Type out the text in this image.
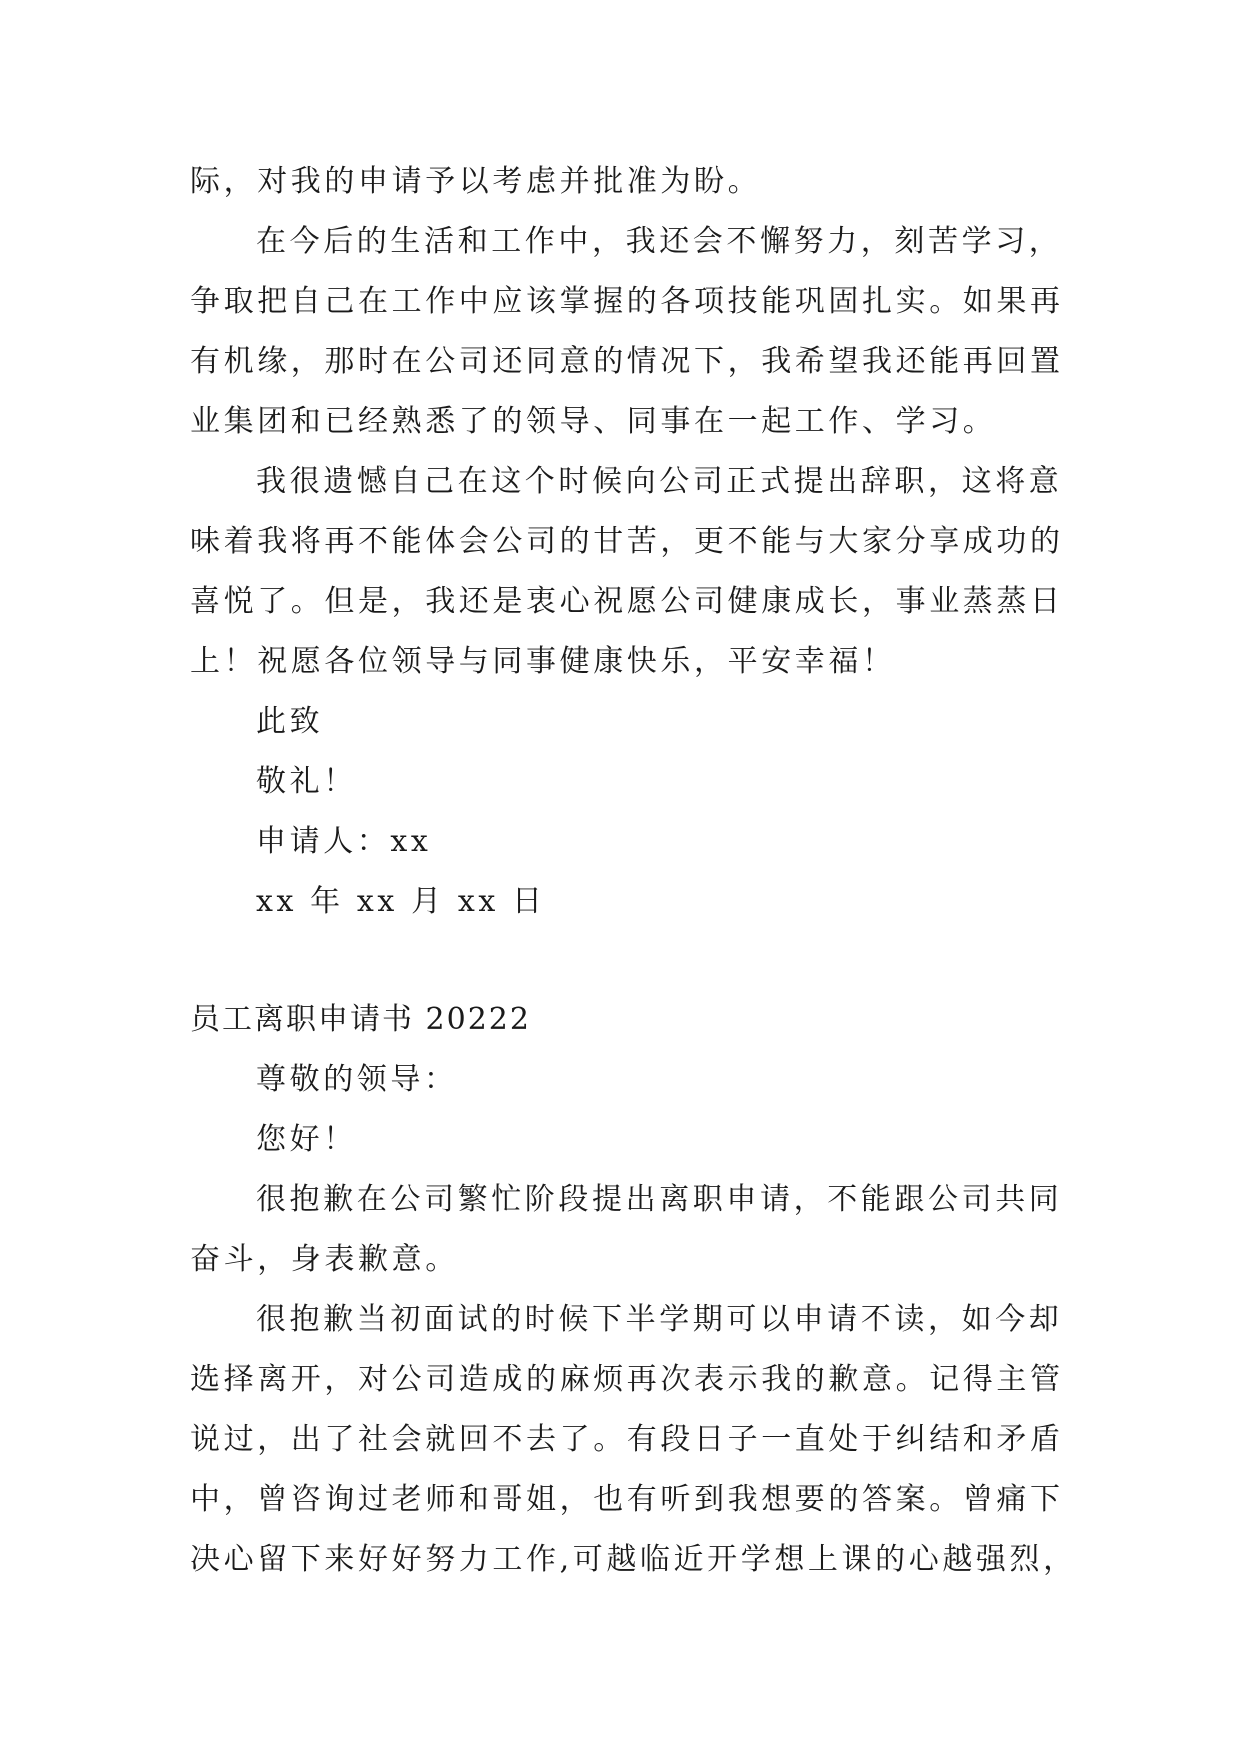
际，对我的申请予以考虑并批准为盼。
在今后的生活和工作中，我还会不懈努力，刻苦学习，
争取把自己在工作中应该掌握的各项技能巩固扎实。如果再
有机缘，那时在公司还同意的情况下，我希望我还能再回置
业集团和已经熟悉了的领导、同事在一起工作、学习。
我很遗憾自己在这个时候向公司正式提出辞职，这将意
味着我将再不能体会公司的甘苦，更不能与大家分享成功的
喜悦了。但是，我还是衷心祝愿公司健康成长，事业蒸蒸日
上！祝愿各位领导与同事健康快乐，平安幸福！
此致
敬礼！
申请人：xx
xx 年 xx 月 xx 日
员工离职申请书 20222
尊敬的领导：
您好！
很抱歉在公司繁忙阶段提出离职申请，不能跟公司共同
奋斗，身表歉意。
很抱歉当初面试的时候下半学期可以申请不读，如今却
选择离开，对公司造成的麻烦再次表示我的歉意。记得主管
说过，出了社会就回不去了。有段日子一直处于纠结和矛盾
中，曾咨询过老师和哥姐，也有听到我想要的答案。曾痛下
决心留下来好好努力工作,可越临近开学想上课的心越强烈，
